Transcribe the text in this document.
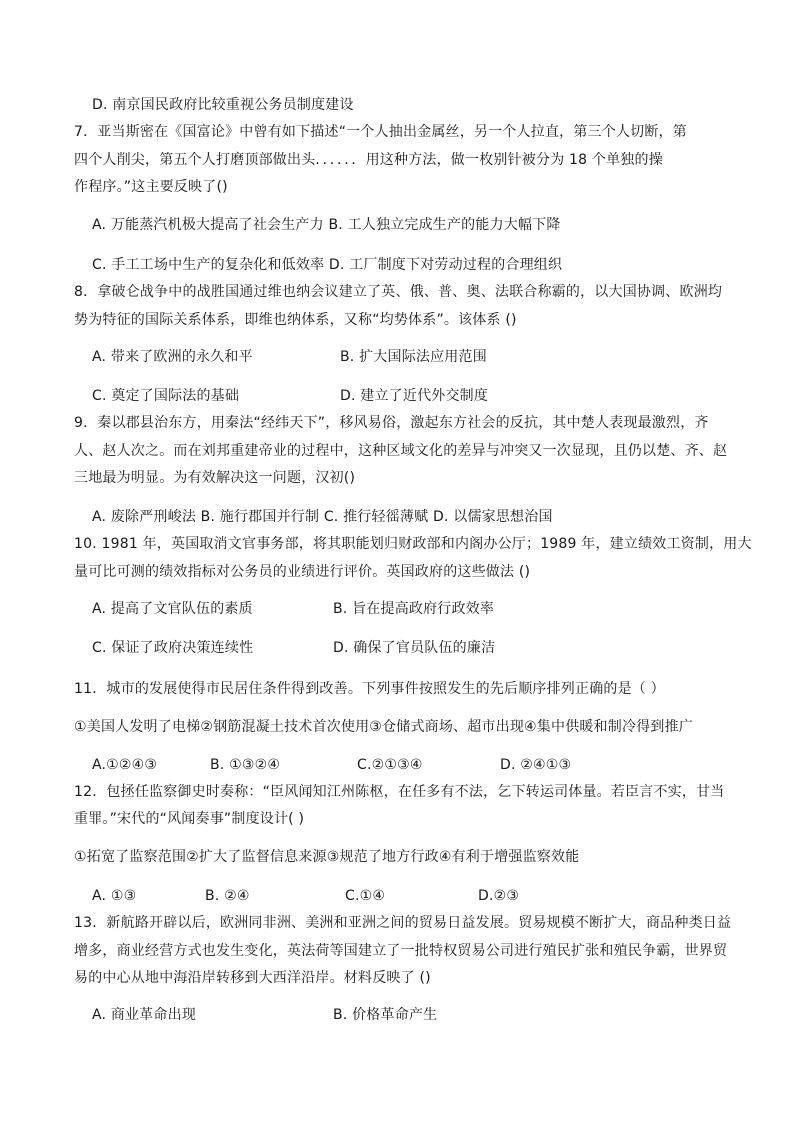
D. 南京国民政府比较重视公务员制度建设
7．亚当斯密在《国富论》中曾有如下描述“一个人抽出金属丝，另一个人拉直，第三个人切断，第
四个人削尖，第五个人打磨顶部做出头．．．．．．用这种方法，做一枚别针被分为 18 个单独的操
作程序。”这主要反映了()
A. 万能蒸汽机极大提高了社会生产力 B. 工人独立完成生产的能力大幅下降
C. 手工工场中生产的复杂化和低效率 D. 工厂制度下对劳动过程的合理组织
8．拿破仑战争中的战胜国通过维也纳会议建立了英、俄、普、奥、法联合称霸的，以大国协调、欧洲均
势为特征的国际关系体系，即维也纳体系，又称“均势体系”。该体系 ()
A. 带来了欧洲的永久和平	B. 扩大国际法应用范围
C. 奠定了国际法的基础	D. 建立了近代外交制度
9．秦以郡县治东方，用秦法“经纬天下”，移风易俗，激起东方社会的反抗，其中楚人表现最激烈，齐
人、赵人次之。而在刘邦重建帝业的过程中，这种区域文化的差异与冲突又一次显现，且仍以楚、齐、赵
三地最为明显。为有效解决这一问题，汉初()
A. 废除严刑峻法 B. 施行郡国并行制 C. 推行轻徭薄赋 D. 以儒家思想治国
10. 1981 年，英国取消文官事务部，将其职能划归财政部和内阁办公厅；1989 年，建立绩效工资制，用大
量可比可测的绩效指标对公务员的业绩进行评价。英国政府的这些做法 ()
A. 提高了文官队伍的素质	B. 旨在提高政府行政效率
C. 保证了政府决策连续性	D. 确保了官员队伍的廉洁
11．城市的发展使得市民居住条件得到改善。下列事件按照发生的先后顺序排列正确的是（ ）
①美国人发明了电梯②钢筋混凝土技术首次使用③仓储式商场、超市出现④集中供暖和制冷得到推广
A.①②④③	B. ①③②④	C.②①③④	D. ②④①③
12．包拯任监察御史时奏称：“臣风闻知江州陈枢，在任多有不法，乞下转运司体量。若臣言不实，甘当
重罪。”宋代的“风闻奏事”制度设计( )
①拓宽了监察范围②扩大了监督信息来源③规范了地方行政④有利于增强监察效能
A. ①③	B. ②④	C.①④	D.②③
13．新航路开辟以后，欧洲同非洲、美洲和亚洲之间的贸易日益发展。贸易规模不断扩大，商品种类日益
增多，商业经营方式也发生变化，英法荷等国建立了一批特权贸易公司进行殖民扩张和殖民争霸，世界贸
易的中心从地中海沿岸转移到大西洋沿岸。材料反映了 ()
A. 商业革命出现	B. 价格革命产生
